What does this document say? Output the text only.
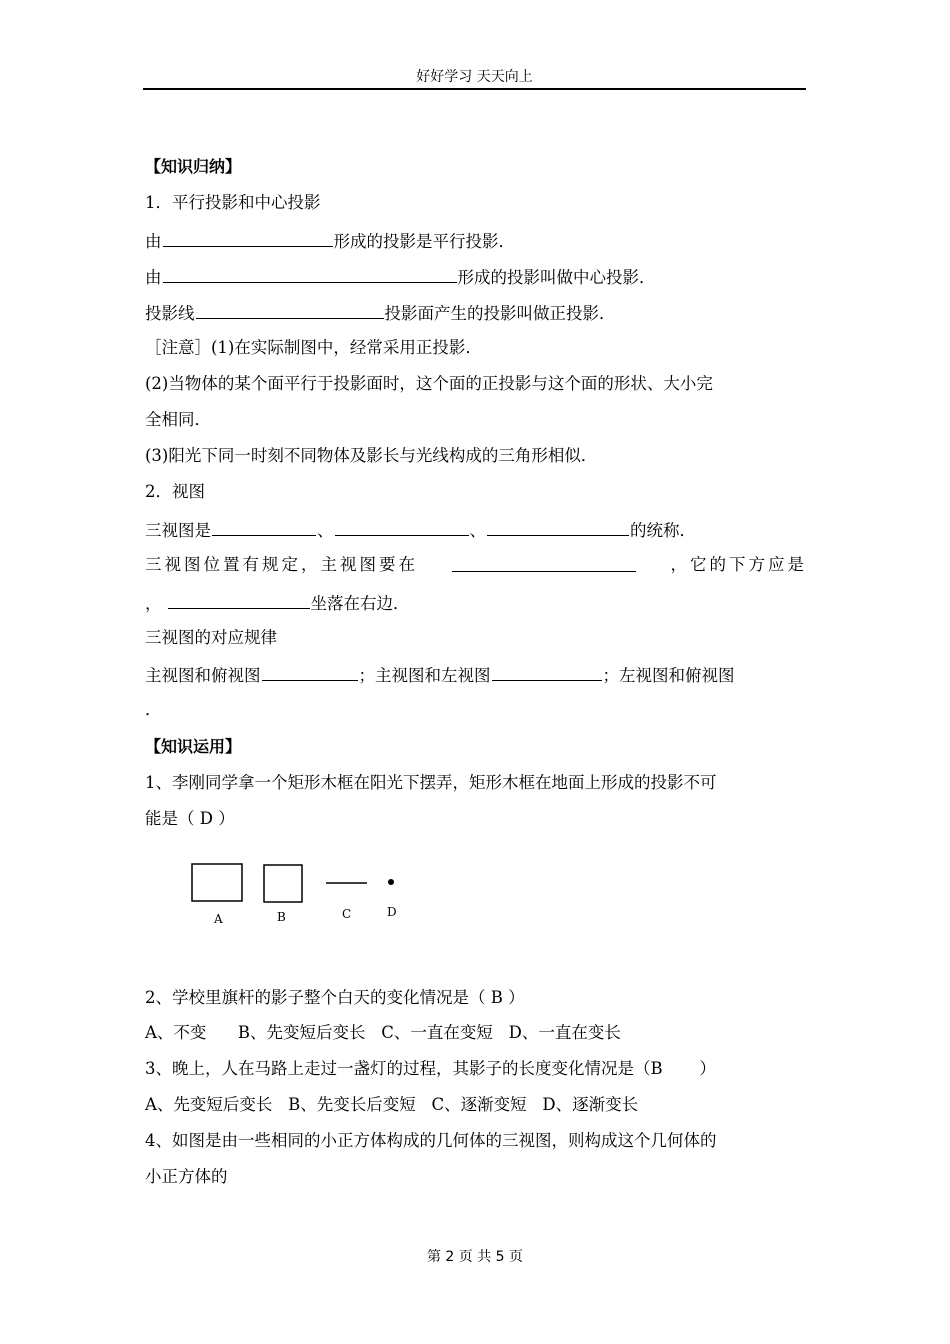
好好学习 天天向上
【知识归纳】
1．平行投影和中心投影
由	形成的投影是平行投影．
由	形成的投影叫做中心投影．
投影线	投影面产生的投影叫做正投影．
［注意］(1)在实际制图中，经常采用正投影．
(2)当物体的某个面平行于投影面时，这个面的正投影与这个面的形状、大小完
全相同．
(3)阳光下同一时刻不同物体及影长与光线构成的三角形相似．
2．视图
三视图是	、	、	的统称．
三视图位置有规定，主视图要在	，它的下方应是
，	坐落在右边．
三视图的对应规律
主视图和俯视图	；主视图和左视图	；左视图和俯视图
．
【知识运用】
1、李刚同学拿一个矩形木框在阳光下摆弄，矩形木框在地面上形成的投影不可
能是（ D ）
A	B	C	D
2、学校里旗杆的影子整个白天的变化情况是（ B ）
A、不变      B、先变短后变长   C、一直在变短   D、一直在变长
3、晚上，人在马路上走过一盏灯的过程，其影子的长度变化情况是（B       ）
A、先变短后变长   B、先变长后变短   C、逐渐变短   D、逐渐变长
4、如图是由一些相同的小正方体构成的几何体的三视图，则构成这个几何体的
小正方体的
第 2 页 共 5 页
